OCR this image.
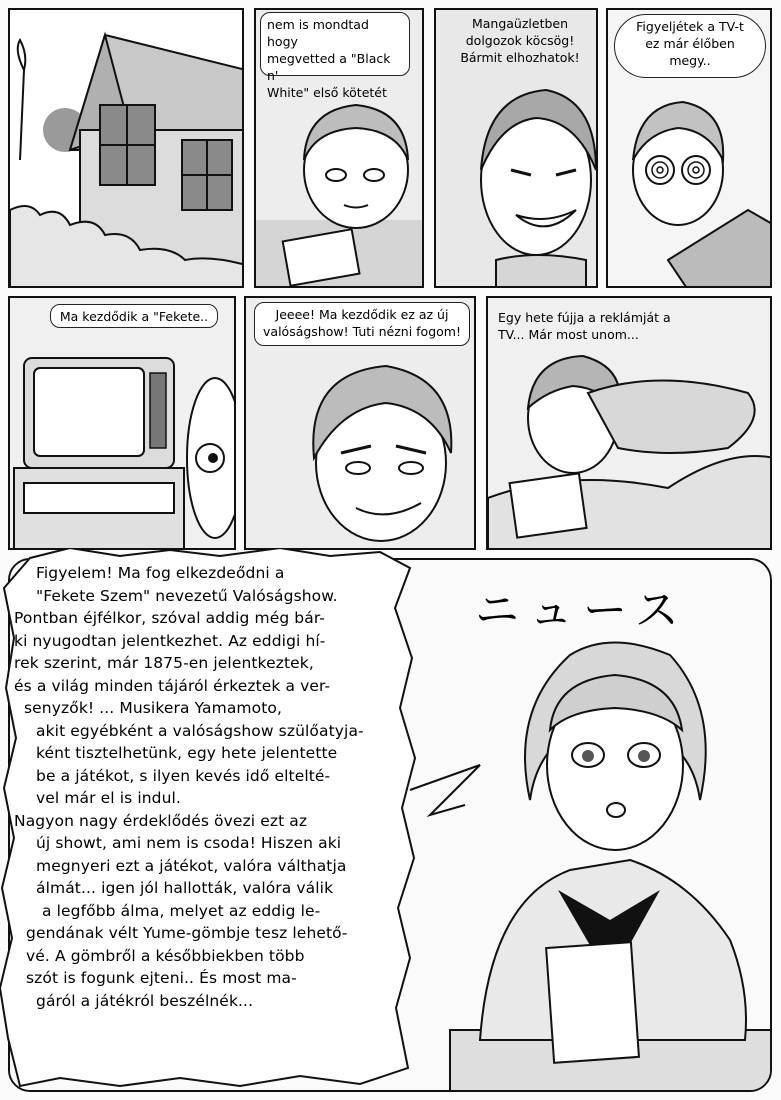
nem is mondtad hogy
megvetted a "Black n'
White" első kötetét
Mangaüzletben
dolgozok köcsög!
Bármit elhozhatok!
Figyeljétek a TV-t
ez már élőben
megy..
Ma kezdődik a "Fekete..	Jeeee! Ma kezdődik ez az új
valóságshow! Tuti nézni fogom!
Egy hete fújja a reklámját a
TV... Már most unom...
ニュース
Figyelem! Ma fog elkezdeődni a
"Fekete Szem" nevezetű Valóságshow.
Pontban éjfélkor, szóval addig még bár-
ki nyugodtan jelentkezhet. Az eddigi hí-
rek szerint, már 1875-en jelentkeztek,
és a világ minden tájáról érkeztek a ver-
senyzők! ... Musikera Yamamoto,
akit egyébként a valóságshow szülőatyja-
ként tisztelhetünk, egy hete jelentette
be a játékot, s ilyen kevés idő eltelté-
vel már el is indul.
Nagyon nagy érdeklődés övezi ezt az
új showt, ami nem is csoda! Hiszen aki
megnyeri ezt a játékot, valóra válthatja
álmát... igen jól hallották, valóra válik
a legfőbb álma, melyet az eddig le-
gendának vélt Yume-gömbje tesz lehető-
vé. A gömbről a későbbiekben több
szót is fogunk ejteni.. És most ma-
gáról a játékról beszélnék...
